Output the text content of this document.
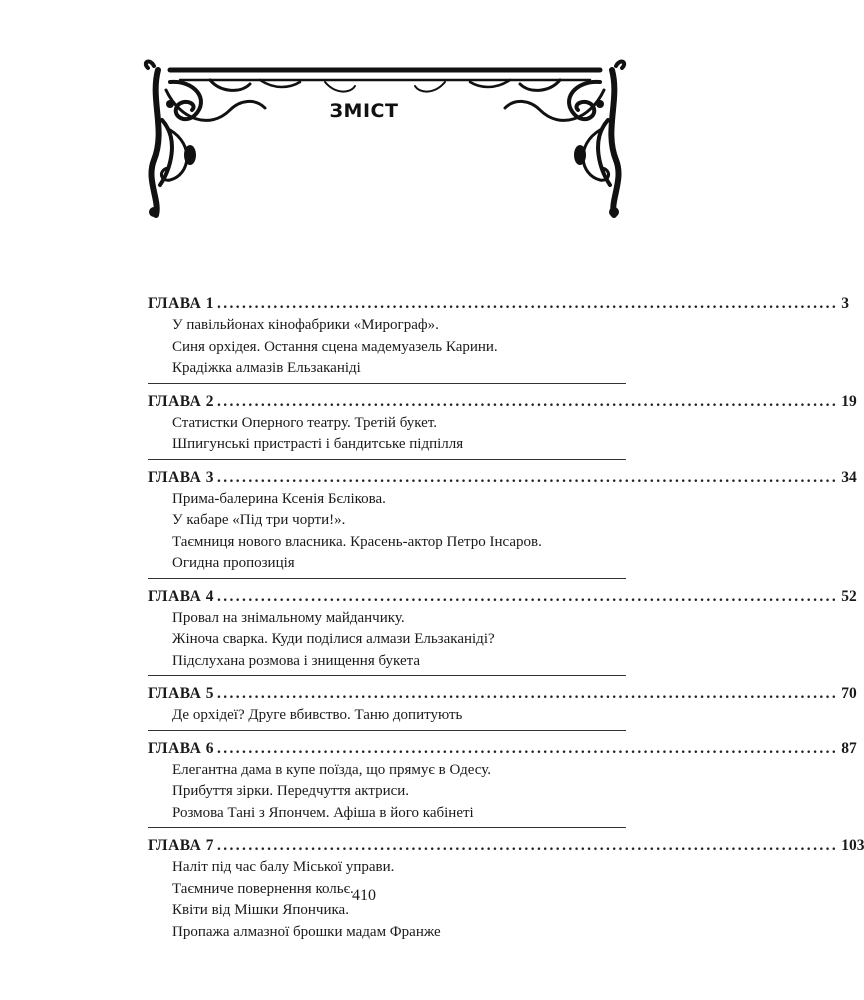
ЗМІСТ
ГЛАВА 1 ................................................................................................... 3
У павільйонах кінофабрики «Мирограф».
Синя орхідея. Остання сцена мадемуазель Карини.
Крадіжка алмазів Ельзаканіді
ГЛАВА 2 ................................................................................................... 19
Статистки Оперного театру. Третій букет.
Шпигунські пристрасті і бандитське підпілля
ГЛАВА 3 ................................................................................................... 34
Прима-балерина Ксенія Бєлікова.
У кабаре «Під три чорти!».
Таємниця нового власника. Красень-актор Петро Інсаров.
Огидна пропозиція
ГЛАВА 4 ................................................................................................... 52
Провал на знімальному майданчику.
Жіноча сварка. Куди поділися алмази Ельзаканіді?
Підслухана розмова і знищення букета
ГЛАВА 5 ................................................................................................... 70
Де орхідеї? Друге вбивство. Таню допитують
ГЛАВА 6 ................................................................................................... 87
Елегантна дама в купе поїзда, що прямує в Одесу.
Прибуття зірки. Передчуття актриси.
Розмова Тані з Япончем. Афіша в його кабінеті
ГЛАВА 7 ................................................................................................... 103
Наліт під час балу Міської управи.
Таємниче повернення кольє.
Квіти від Мішки Япончика.
Пропажа алмазної брошки мадам Франже
410
